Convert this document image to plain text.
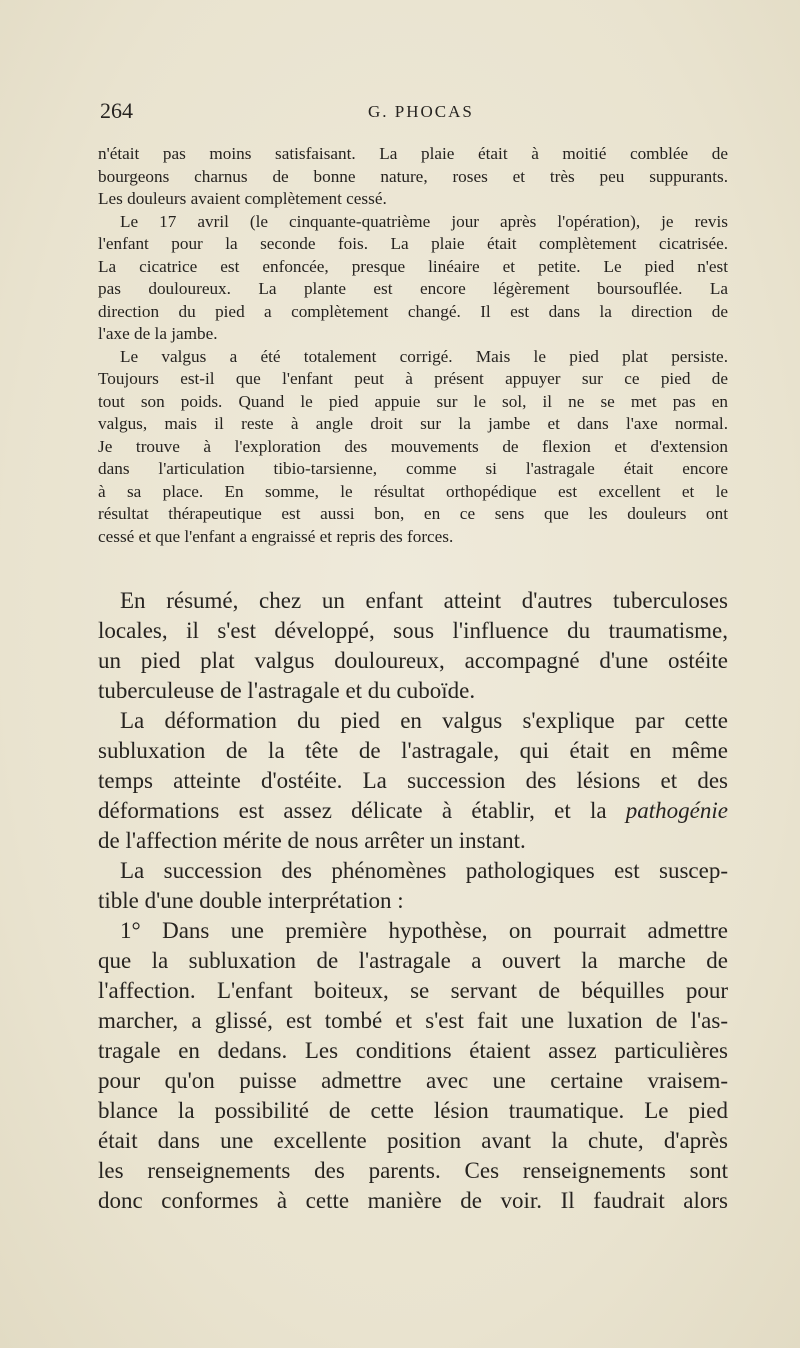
264	G. PHOCAS

n'était pas moins satisfaisant. La plaie était à moitié comblée de

bourgeons charnus de bonne nature, roses et très peu suppurants.

Les douleurs avaient complètement cessé.

Le 17 avril (le cinquante-quatrième jour après l'opération), je revis

l'enfant pour la seconde fois. La plaie était complètement cicatrisée.

La cicatrice est enfoncée, presque linéaire et petite. Le pied n'est

pas douloureux. La plante est encore légèrement boursouflée. La

direction du pied a complètement changé. Il est dans la direction de

l'axe de la jambe.

Le valgus a été totalement corrigé. Mais le pied plat persiste.

Toujours est-il que l'enfant peut à présent appuyer sur ce pied de

tout son poids. Quand le pied appuie sur le sol, il ne se met pas en

valgus, mais il reste à angle droit sur la jambe et dans l'axe normal.

Je trouve à l'exploration des mouvements de flexion et d'extension

dans l'articulation tibio-tarsienne, comme si l'astragale était encore

à sa place. En somme, le résultat orthopédique est excellent et le

résultat thérapeutique est aussi bon, en ce sens que les douleurs ont

cessé et que l'enfant a engraissé et repris des forces.

En résumé, chez un enfant atteint d'autres tuberculoses

locales, il s'est développé, sous l'influence du traumatisme,

un pied plat valgus douloureux, accompagné d'une ostéite

tuberculeuse de l'astragale et du cuboïde.

La déformation du pied en valgus s'explique par cette

subluxation de la tête de l'astragale, qui était en même

temps atteinte d'ostéite. La succession des lésions et des

déformations est assez délicate à établir, et la pathogénie

de l'affection mérite de nous arrêter un instant.

La succession des phénomènes pathologiques est suscep-

tible d'une double interprétation :

1° Dans une première hypothèse, on pourrait admettre

que la subluxation de l'astragale a ouvert la marche de

l'affection. L'enfant boiteux, se servant de béquilles pour

marcher, a glissé, est tombé et s'est fait une luxation de l'as-

tragale en dedans. Les conditions étaient assez particulières

pour qu'on puisse admettre avec une certaine vraisem-

blance la possibilité de cette lésion traumatique. Le pied

était dans une excellente position avant la chute, d'après

les renseignements des parents. Ces renseignements sont

donc conformes à cette manière de voir. Il faudrait alors
